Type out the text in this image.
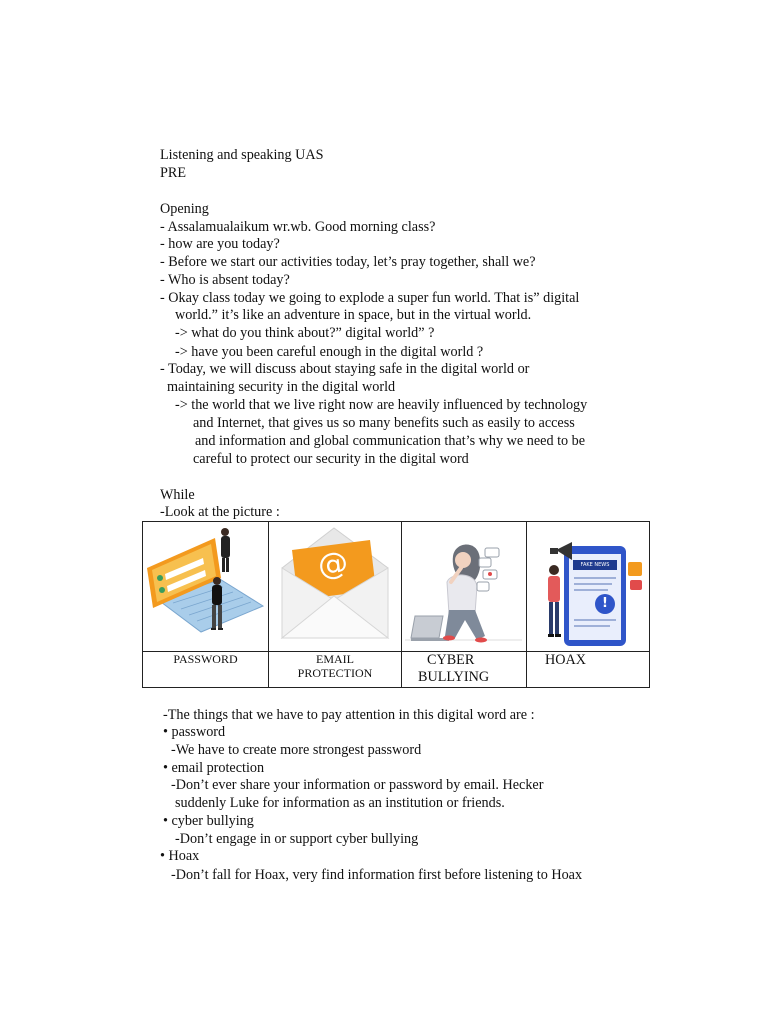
Listening and speaking UAS
PRE
Opening
- Assalamualaikum wr.wb. Good morning class?
- how are you today?
- Before we start our activities today, let’s pray together, shall we?
- Who is absent today?
- Okay class today we going to explode a super fun world. That is” digital
world.” it’s like an adventure in space, but in the virtual world.
-> what do you think about?” digital world” ?
-> have you been careful enough in the digital world ?
- Today, we will discuss about staying safe in the digital world or
maintaining security in the digital world
-> the world that we live right now are heavily influenced by technology
and Internet, that gives us so many benefits such as easily to access
and information and global communication that’s why we need to be
careful to protect our security in the digital word
While
-Look at the picture :
@	FAKE NEWS
!
PASSWORD	EMAIL
PROTECTION
CYBER
BULLYING
HOAX
-The things that we have to pay attention in this digital word are :
• password
-We have to create more strongest password
• email protection
-Don’t ever share your information or password by email. Hecker
suddenly Luke for information as an institution or friends.
• cyber bullying
-Don’t engage in or support cyber bullying
• Hoax
-Don’t fall for Hoax, very find information first before listening to Hoax
